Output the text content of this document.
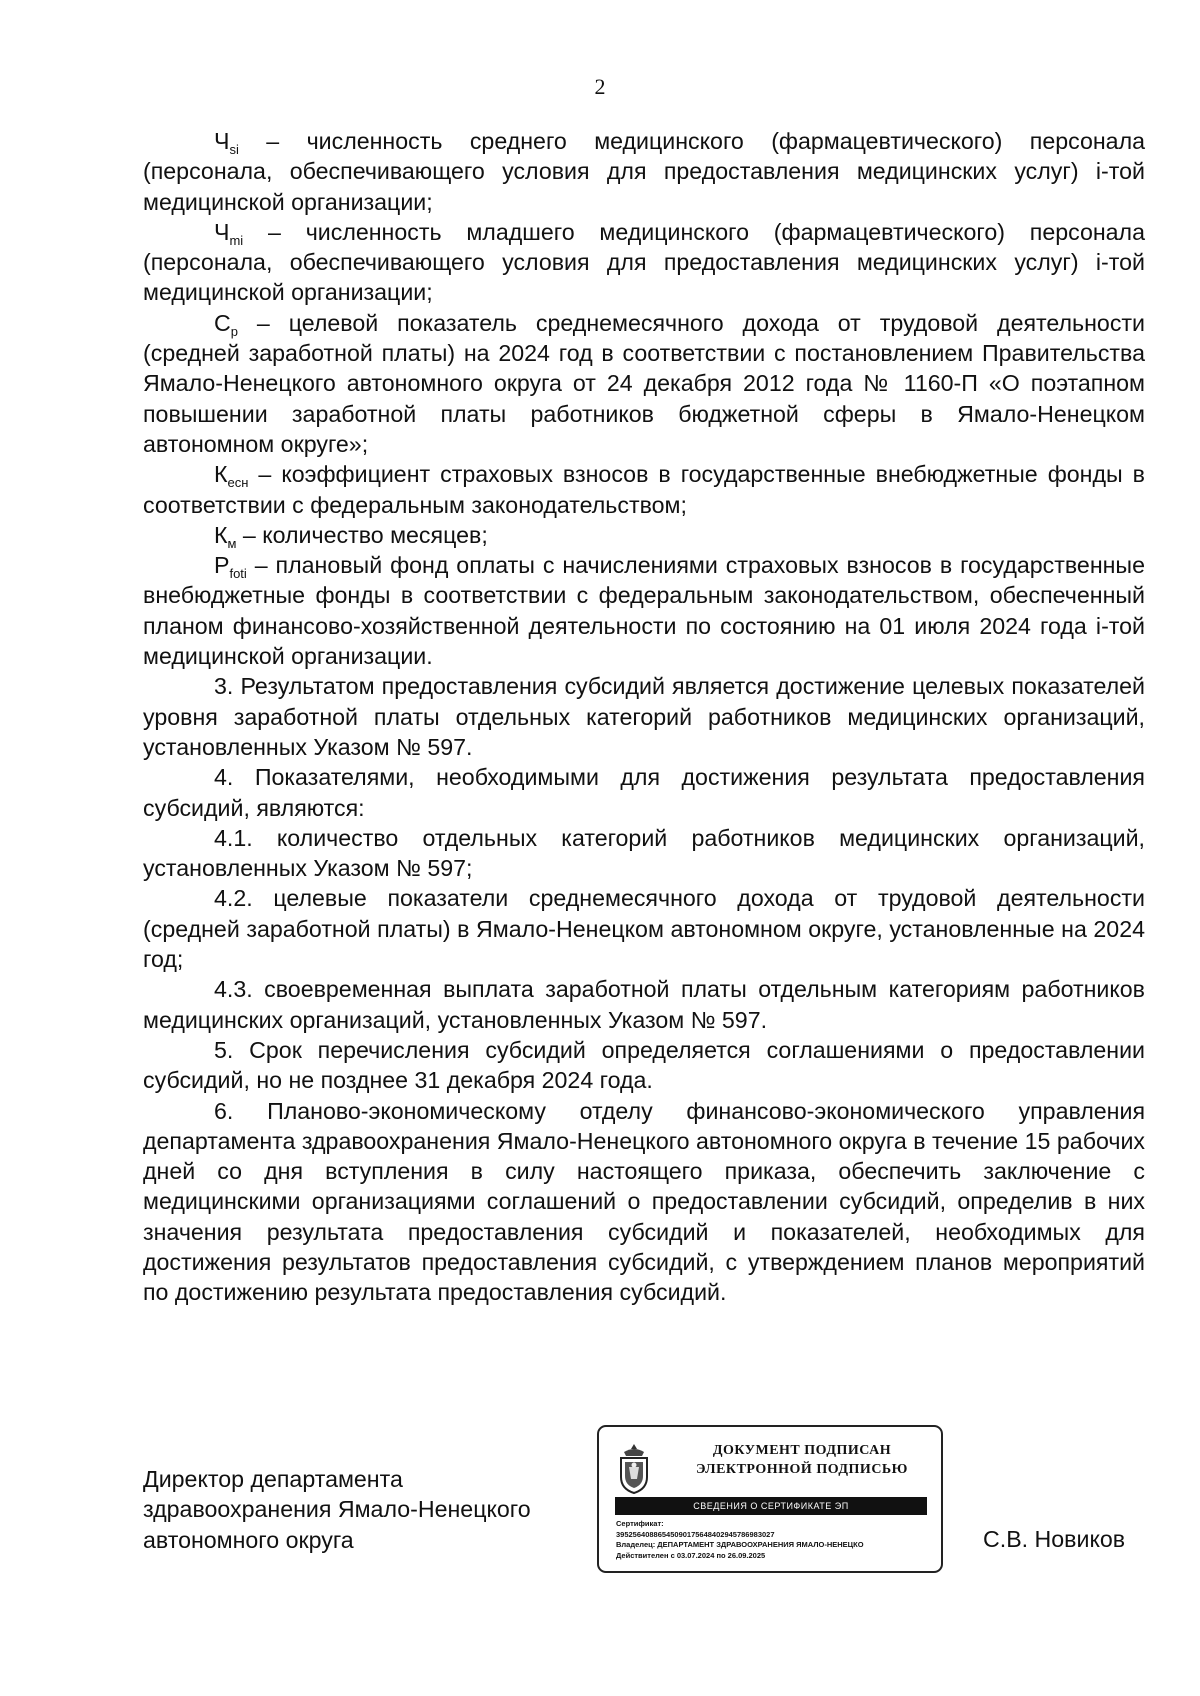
2

$Ч_{si}$ – численность среднего медицинского (фармацевтического) персонала (персонала, обеспечивающего условия для предоставления медицинских услуг) i-той медицинской организации;

$Ч_{mi}$ – численность младшего медицинского (фармацевтического) персонала (персонала, обеспечивающего условия для предоставления медицинских услуг) i-той медицинской организации;

$С_р$ – целевой показатель среднемесячного дохода от трудовой деятельности (средней заработной платы) на 2024 год в соответствии с постановлением Правительства Ямало-Ненецкого автономного округа от 24 декабря 2012 года № 1160-П «О поэтапном повышении заработной платы работников бюджетной сферы в Ямало-Ненецком автономном округе»;

$К_{есн}$ – коэффициент страховых взносов в государственные внебюджетные фонды в соответствии с федеральным законодательством;

$К_м$ – количество месяцев;

$Р_{foti}$ – плановый фонд оплаты с начислениями страховых взносов в государственные внебюджетные фонды в соответствии с федеральным законодательством, обеспеченный планом финансово-хозяйственной деятельности по состоянию на 01 июля 2024 года i-той медицинской организации.

3. Результатом предоставления субсидий является достижение целевых показателей уровня заработной платы отдельных категорий работников медицинских организаций, установленных Указом № 597.

4. Показателями, необходимыми для достижения результата предоставления субсидий, являются:

4.1. количество отдельных категорий работников медицинских организаций, установленных Указом № 597;

4.2. целевые показатели среднемесячного дохода от трудовой деятельности (средней заработной платы) в Ямало-Ненецком автономном округе, установленные на 2024 год;

4.3. своевременная выплата заработной платы отдельным категориям работников медицинских организаций, установленных Указом № 597.

5. Срок перечисления субсидий определяется соглашениями о предоставлении субсидий, но не позднее 31 декабря 2024 года.

6. Планово-экономическому отделу финансово-экономического управления департамента здравоохранения Ямало-Ненецкого автономного округа в течение 15 рабочих дней со дня вступления в силу настоящего приказа, обеспечить заключение с медицинскими организациями соглашений о предоставлении субсидий, определив в них значения результата предоставления субсидий и показателей, необходимых для достижения результатов предоставления субсидий, с утверждением планов мероприятий по достижению результата предоставления субсидий.

Директор департамента
здравоохранения Ямало-Ненецкого
автономного округа
ДОКУМЕНТ ПОДПИСАН
ЭЛЕКТРОННОЙ ПОДПИСЬЮ
СВЕДЕНИЯ О СЕРТИФИКАТЕ ЭП
Сертификат:
39525640886545090175648402945786983027
Владелец: ДЕПАРТАМЕНТ ЗДРАВООХРАНЕНИЯ ЯМАЛО-НЕНЕЦКО
Действителен с 03.07.2024 по 26.09.2025
С.В. Новиков
